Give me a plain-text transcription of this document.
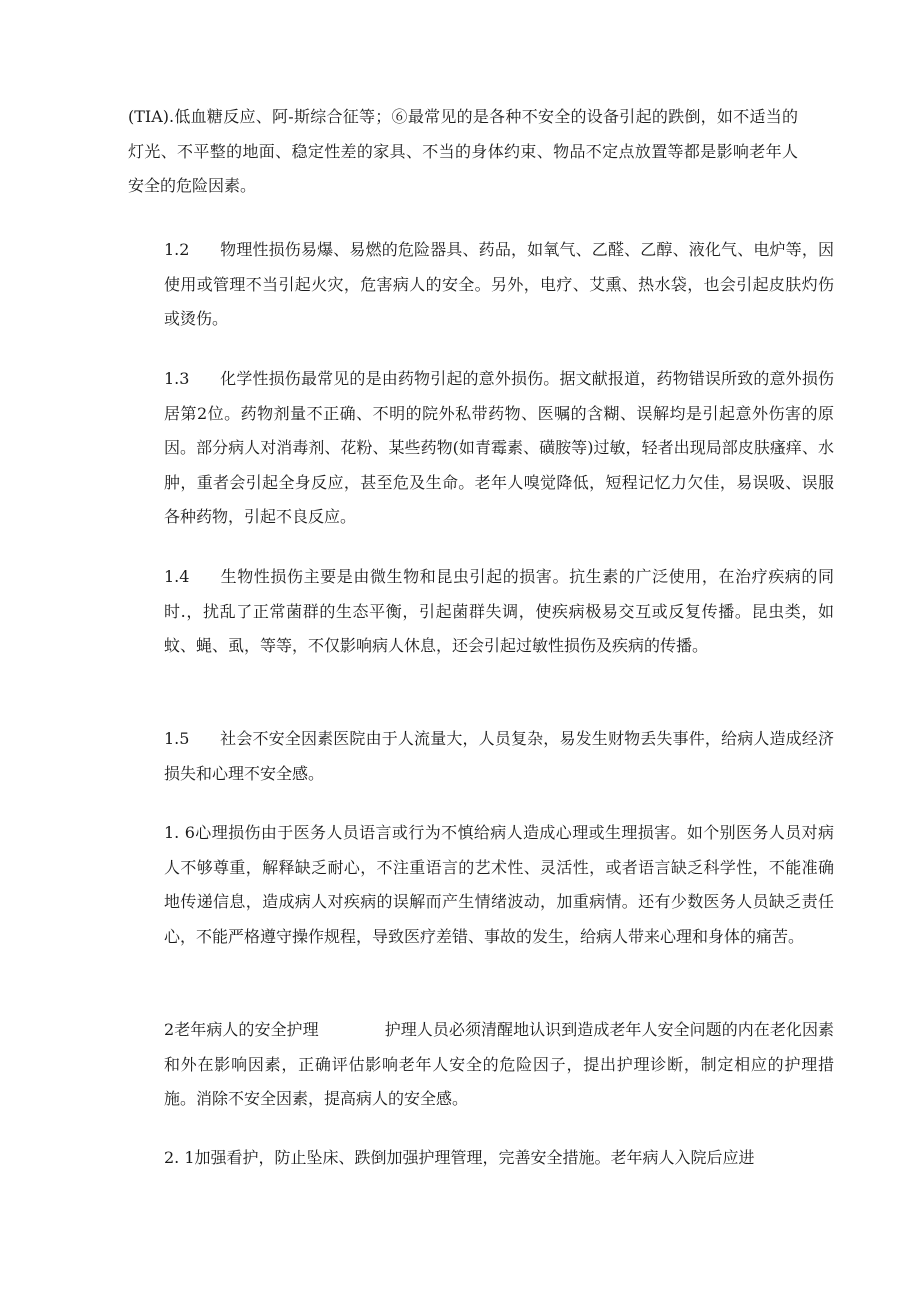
(TIA).低血糖反应、阿-斯综合征等；⑥最常见的是各种不安全的设备引起的跌倒，如不适当的灯光、不平整的地面、稳定性差的家具、不当的身体约束、物品不定点放置等都是影响老年人安全的危险因素。

1.2 物理性损伤易爆、易燃的危险器具、药品，如氧气、乙醛、乙醇、液化气、电炉等，因使用或管理不当引起火灾，危害病人的安全。另外，电疗、艾熏、热水袋，也会引起皮肤灼伤或烫伤。

1.3 化学性损伤最常见的是由药物引起的意外损伤。据文献报道，药物错误所致的意外损伤居第2位。药物剂量不正确、不明的院外私带药物、医嘱的含糊、误解均是引起意外伤害的原因。部分病人对消毒剂、花粉、某些药物(如青霉素、磺胺等)过敏，轻者出现局部皮肤瘙痒、水肿，重者会引起全身反应，甚至危及生命。老年人嗅觉降低，短程记忆力欠佳，易误吸、误服各种药物，引起不良反应。

1.4 生物性损伤主要是由微生物和昆虫引起的损害。抗生素的广泛使用，在治疗疾病的同时.，扰乱了正常菌群的生态平衡，引起菌群失调，使疾病极易交互或反复传播。昆虫类，如蚊、蝇、虱，等等，不仅影响病人休息，还会引起过敏性损伤及疾病的传播。

1.5 社会不安全因素医院由于人流量大，人员复杂，易发生财物丢失事件，给病人造成经济损失和心理不安全感。

1. 6心理损伤由于医务人员语言或行为不慎给病人造成心理或生理损害。如个别医务人员对病人不够尊重，解释缺乏耐心，不注重语言的艺术性、灵活性，或者语言缺乏科学性，不能准确地传递信息，造成病人对疾病的误解而产生情绪波动，加重病情。还有少数医务人员缺乏责任心，不能严格遵守操作规程，导致医疗差错、事故的发生，给病人带来心理和身体的痛苦。

2老年病人的安全护理	护理人员必须清醒地认识到造成老年人安全问题的内在老化因素和外在影响因素，正确评估影响老年人安全的危险因子，提出护理诊断，制定相应的护理措施。消除不安全因素，提高病人的安全感。

2. 1加强看护，防止坠床、跌倒加强护理管理，完善安全措施。老年病人入院后应进
